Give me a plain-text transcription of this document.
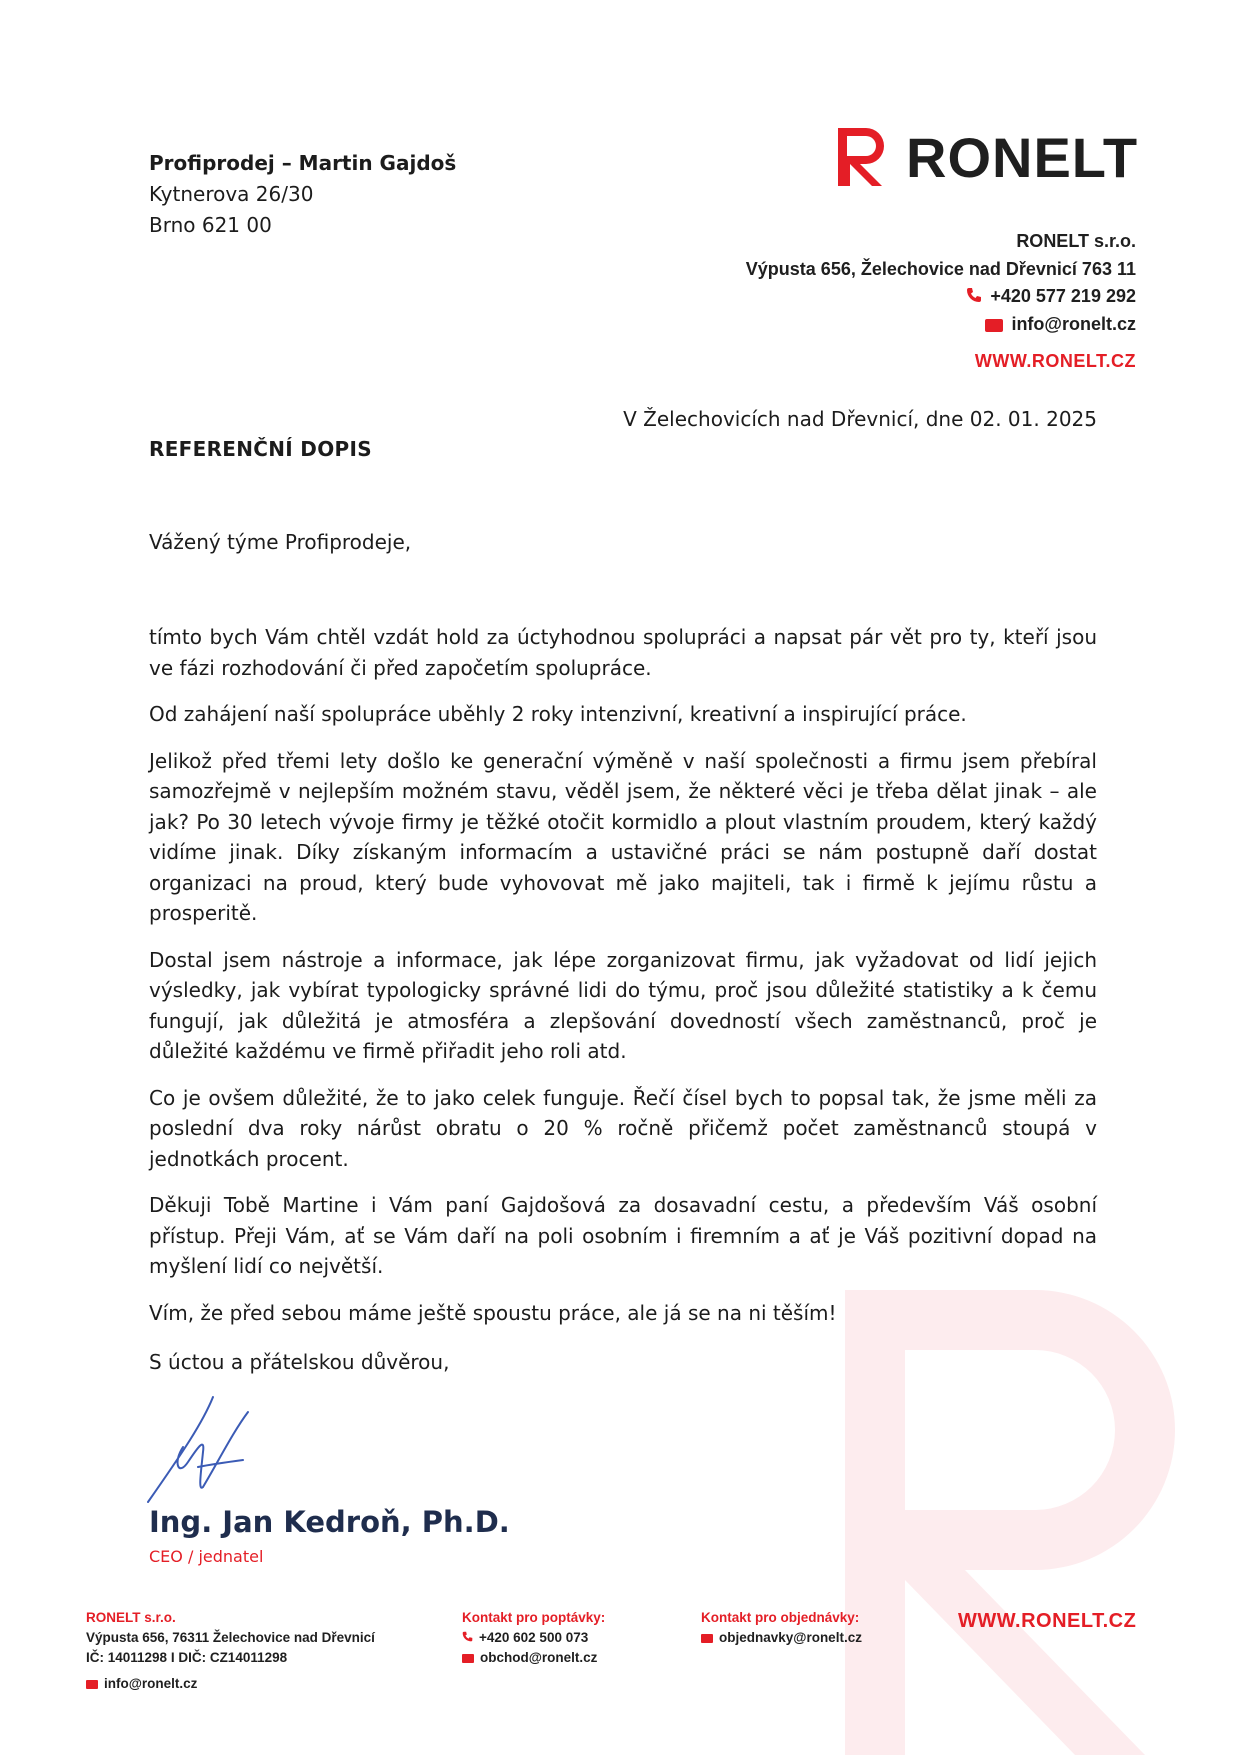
Profiprodej – Martin Gajdoš
Kytnerova 26/30
Brno 621 00
RONELT
RONELT s.r.o.
Výpusta 656, Želechovice nad Dřevnicí 763 11
+420 577 219 292
info@ronelt.cz
WWW.RONELT.CZ
V Želechovicích nad Dřevnicí, dne 02. 01. 2025
REFERENČNÍ DOPIS
Vážený týme Profiprodeje,

tímto bych Vám chtěl vzdát hold za úctyhodnou spolupráci a napsat pár vět pro ty, kteří jsou ve fázi rozhodování či před započetím spolupráce.

Od zahájení naší spolupráce uběhly 2 roky intenzivní, kreativní a inspirující práce.

Jelikož před třemi lety došlo ke generační výměně v naší společnosti a firmu jsem přebíral samozřejmě v nejlepším možném stavu, věděl jsem, že některé věci je třeba dělat jinak – ale jak? Po 30 letech vývoje firmy je těžké otočit kormidlo a plout vlastním proudem, který každý vidíme jinak. Díky získaným informacím a ustavičné práci se nám postupně daří dostat organizaci na proud, který bude vyhovovat mě jako majiteli, tak i firmě k jejímu růstu a prosperitě.

Dostal jsem nástroje a informace, jak lépe zorganizovat firmu, jak vyžadovat od lidí jejich výsledky, jak vybírat typologicky správné lidi do týmu, proč jsou důležité statistiky a k čemu fungují, jak důležitá je atmosféra a zlepšování dovedností všech zaměstnanců, proč je důležité každému ve firmě přiřadit jeho roli atd.

Co je ovšem důležité, že to jako celek funguje. Řečí čísel bych to popsal tak, že jsme měli za poslední dva roky nárůst obratu o 20 % ročně přičemž počet zaměstnanců stoupá v jednotkách procent.

Děkuji Tobě Martine i Vám paní Gajdošová za dosavadní cestu, a především Váš osobní přístup. Přeji Vám, ať se Vám daří na poli osobním i firemním a ať je Váš pozitivní dopad na myšlení lidí co největší.

Vím, že před sebou máme ještě spoustu práce, ale já se na ni těším!

S úctou a přátelskou důvěrou,
Ing. Jan Kedroň, Ph.D.
CEO / jednatel
RONELT s.r.o.
Výpusta 656, 76311 Želechovice nad Dřevnicí
IČ: 14011298 I DIČ: CZ14011298
info@ronelt.cz
Kontakt pro poptávky:
+420 602 500 073
obchod@ronelt.cz
Kontakt pro objednávky:
objednavky@ronelt.cz
WWW.RONELT.CZ
